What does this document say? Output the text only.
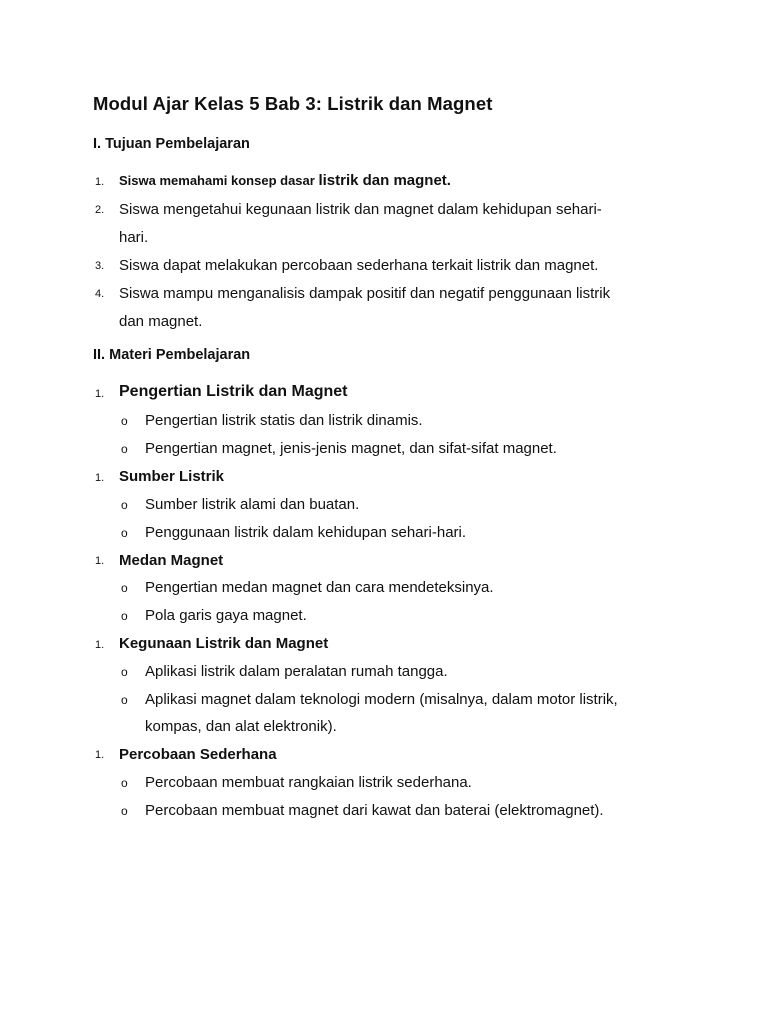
Modul Ajar Kelas 5 Bab 3: Listrik dan Magnet
I. Tujuan Pembelajaran
1.	Siswa memahami konsep dasar listrik dan magnet.
2. Siswa mengetahui kegunaan listrik dan magnet dalam kehidupan sehari-
hari.
3. Siswa dapat melakukan percobaan sederhana terkait listrik dan magnet.
4. Siswa mampu menganalisis dampak positif dan negatif penggunaan listrik
dan magnet.
II. Materi Pembelajaran
1. Pengertian Listrik dan Magnet
o Pengertian listrik statis dan listrik dinamis.
o Pengertian magnet, jenis-jenis magnet, dan sifat-sifat magnet.
1. Sumber Listrik
o Sumber listrik alami dan buatan.
o Penggunaan listrik dalam kehidupan sehari-hari.
1. Medan Magnet
o Pengertian medan magnet dan cara mendeteksinya.
o Pola garis gaya magnet.
1. Kegunaan Listrik dan Magnet
o Aplikasi listrik dalam peralatan rumah tangga.
o Aplikasi magnet dalam teknologi modern (misalnya, dalam motor listrik,
kompas, dan alat elektronik).
1. Percobaan Sederhana
o Percobaan membuat rangkaian listrik sederhana.
o Percobaan membuat magnet dari kawat dan baterai (elektromagnet).
